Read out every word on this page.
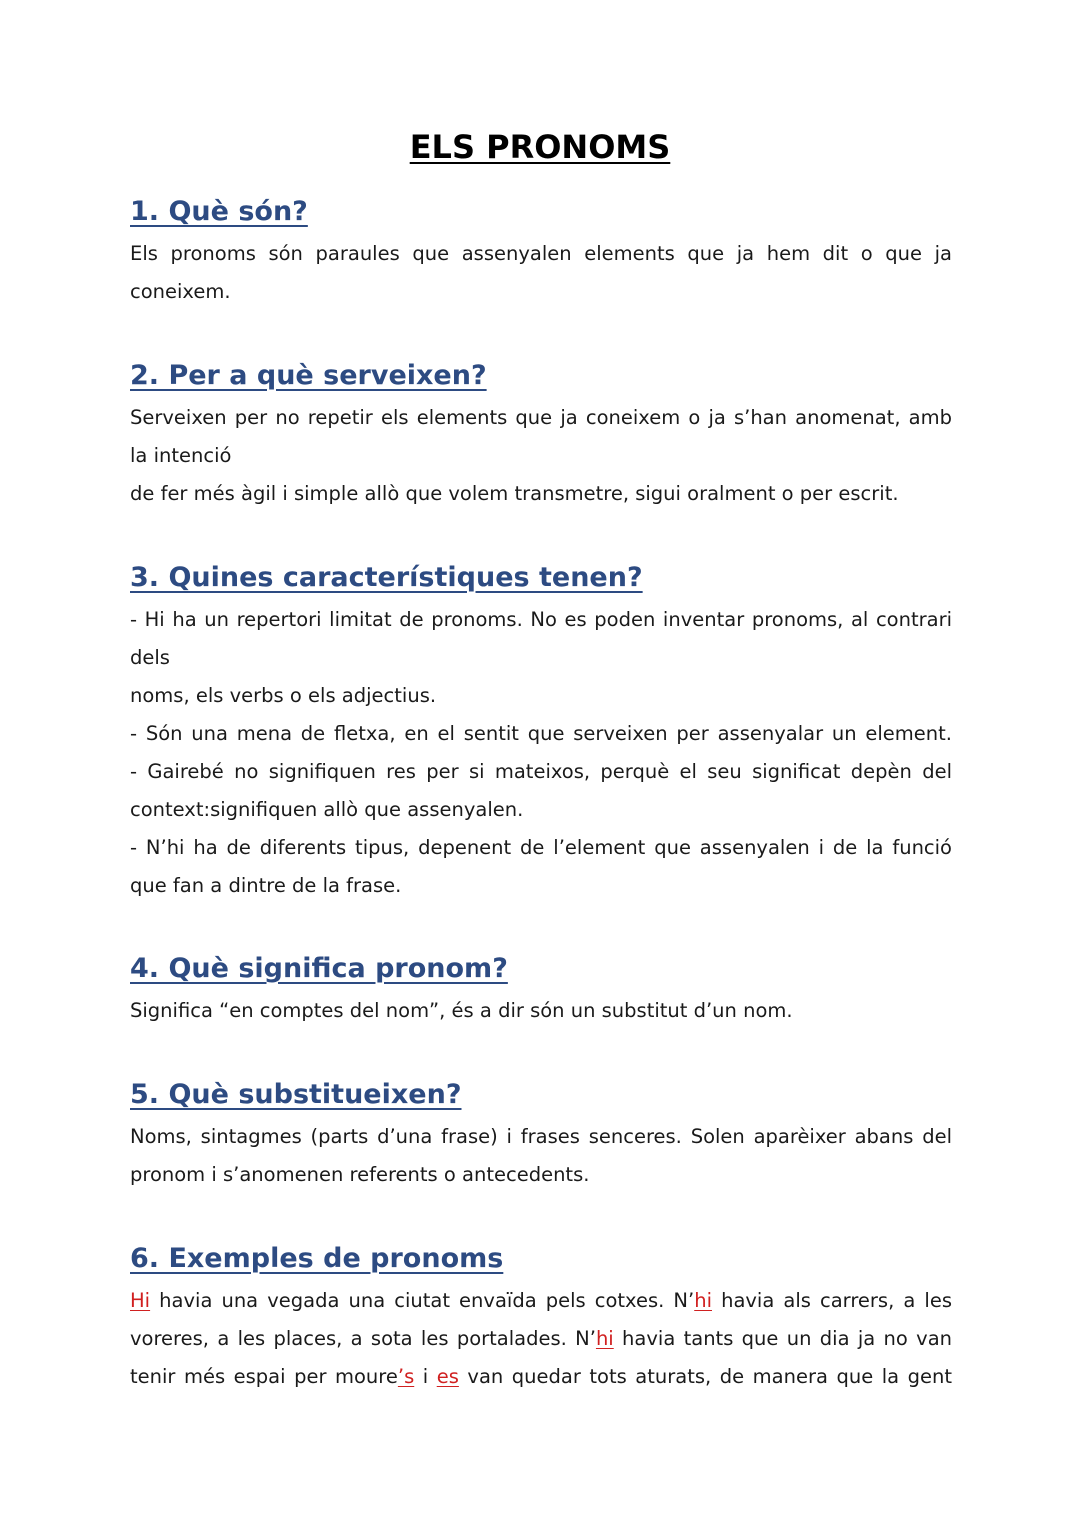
ELS PRONOMS
1. Què són?

Els pronoms són paraules que assenyalen elements que ja hem dit o que ja
coneixem.

2. Per a què serveixen?

Serveixen per no repetir els elements que ja coneixem o ja s’han anomenat, amb
la intenció
de fer més àgil i simple allò que volem transmetre, sigui oralment o per escrit.

3. Quines característiques tenen?

- Hi ha un repertori limitat de pronoms. No es poden inventar pronoms, al contrari
dels
noms, els verbs o els adjectius.
- Són una mena de fletxa, en el sentit que serveixen per assenyalar un element.
- Gairebé no signifiquen res per si mateixos, perquè el seu significat depèn del
context:signifiquen allò que assenyalen.
- N’hi ha de diferents tipus, depenent de l’element que assenyalen i de la funció
que fan a dintre de la frase.

4. Què significa pronom?

Significa “en comptes del nom”, és a dir són un substitut d’un nom.

5. Què substitueixen?

Noms, sintagmes (parts d’una frase) i frases senceres. Solen aparèixer abans del
pronom i s’anomenen referents o antecedents.

6. Exemples de pronoms

Hi havia una vegada una ciutat envaïda pels cotxes. N’hi havia als carrers, a les
voreres, a les places, a sota les portalades. N’hi havia tants que un dia ja no van
tenir més espai per moure’s i es van quedar tots aturats, de manera que la gent
